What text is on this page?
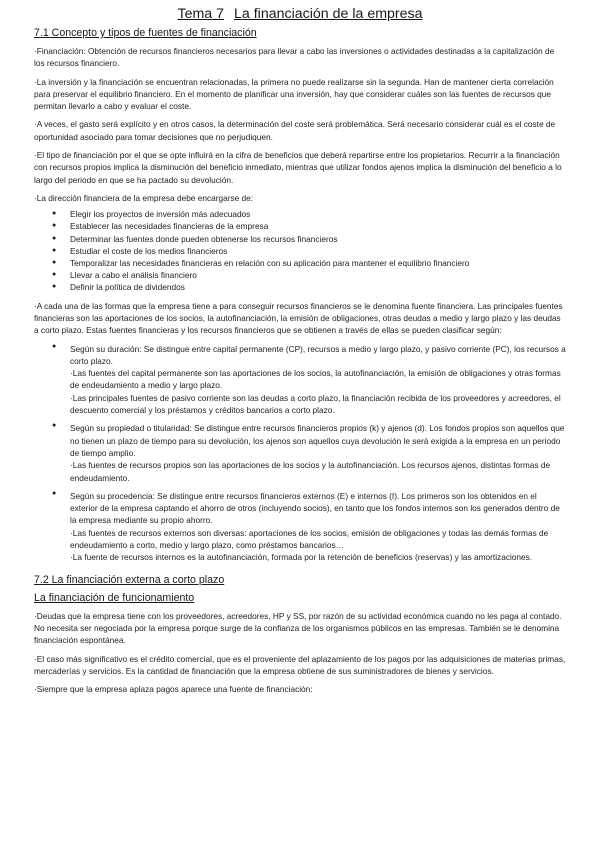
Tema 7 La financiación de la empresa
7.1 Concepto y tipos de fuentes de financiación

·Financiación: Obtención de recursos financieros necesarios para llevar a cabo las inversiones o actividades destinadas a la capitalización de los recursos financiero.

·La inversión y la financiación se encuentran relacionadas, la primera no puede realizarse sin la segunda. Han de mantener cierta correlación para preservar el equilibrio financiero. En el momento de planificar una inversión, hay que considerar cuáles son las fuentes de recursos que permitan llevarlo a cabo y evaluar el coste.

·A veces, el gasto será explícito y en otros casos, la determinación del coste será problemática. Será necesario considerar cuál es el coste de oportunidad asociado para tomar decisiones que no perjudiquen.

·El tipo de financiación por el que se opte influirá en la cifra de beneficios que deberá repartirse entre los propietarios. Recurrir a la financiación con recursos propios implica la disminución del beneficio inmediato, mientras que utilizar fondos ajenos implica la disminución del beneficio a lo largo del periodo en que se ha pactado su devolución.

·La dirección financiera de la empresa debe encargarse de:

● Elegir los proyectos de inversión más adecuados
● Establecer las necesidades financieras de la empresa
● Determinar las fuentes donde pueden obtenerse los recursos financieros
● Estudiar el coste de los medios financieros
● Temporalizar las necesidades financieras en relación con su aplicación para mantener el equilibrio financiero
● Llevar a cabo el análisis financiero
● Definir la política de dividendos

·A cada una de las formas que la empresa tiene a para conseguir recursos financieros se le denomina fuente financiera. Las principales fuentes financieras son las aportaciones de los socios, la autofinanciación, la emisión de obligaciones, otras deudas a medio y largo plazo y las deudas a corto plazo. Estas fuentes financieras y los recursos financieros que se obtienen a través de ellas se pueden clasificar según:

● Según su duración: Se distingue entre capital permanente (CP), recursos a medio y largo plazo, y pasivo corriente (PC), los recursos a corto plazo.

·Las fuentes del capital permanente son las aportaciones de los socios, la autofinanciación, la emisión de obligaciones y otras formas de endeudamiento a medio y largo plazo.

·Las principales fuentes de pasivo corriente son las deudas a corto plazo, la financiación recibida de los proveedores y acreedores, el descuento comercial y los préstamos y créditos bancarios a corto plazo.

● Según su propiedad o titularidad: Se distingue entre recursos financieros propios (k) y ajenos (d). Los fondos propios son aquellos que no tienen un plazo de tiempo para su devolución, los ajenos son aquellos cuya devolución le será exigida a la empresa en un periodo de tiempo amplio.

·Las fuentes de recursos propios son las aportaciones de los socios y la autofinanciación. Los recursos ajenos, distintas formas de endeudamiento.

● Según su procedencia: Se distingue entre recursos financieros externos (E) e internos (I). Los primeros son los obtenidos en el exterior de la empresa captando el ahorro de otros (incluyendo socios), en tanto que los fondos internos son los generados dentro de la empresa mediante su propio ahorro.

·Las fuentes de recursos externos son diversas: aportaciones de los socios, emisión de obligaciones y todas las demás formas de endeudamiento a corto, medio y largo plazo, como préstamos bancarios…

·La fuente de recursos internos es la autofinanciación, formada por la retención de beneficios (reservas) y las amortizaciones.

7.2 La financiación externa a corto plazo
La financiación de funcionamiento

·Deudas que la empresa tiene con los proveedores, acreedores, HP y SS, por razón de su actividad económica cuando no les paga al contado. No necesita ser negociada por la empresa porque surge de la confianza de los organismos públicos en las empresas. También se le denomina financiación espontánea.

·El caso más significativo es el crédito comercial, que es el proveniente del aplazamiento de los pagos por las adquisiciones de materias primas, mercaderías y servicios. Es la cantidad de financiación que la empresa obtiene de sus suministradores de bienes y servicios.

·Siempre que la empresa aplaza pagos aparece una fuente de financiación:
